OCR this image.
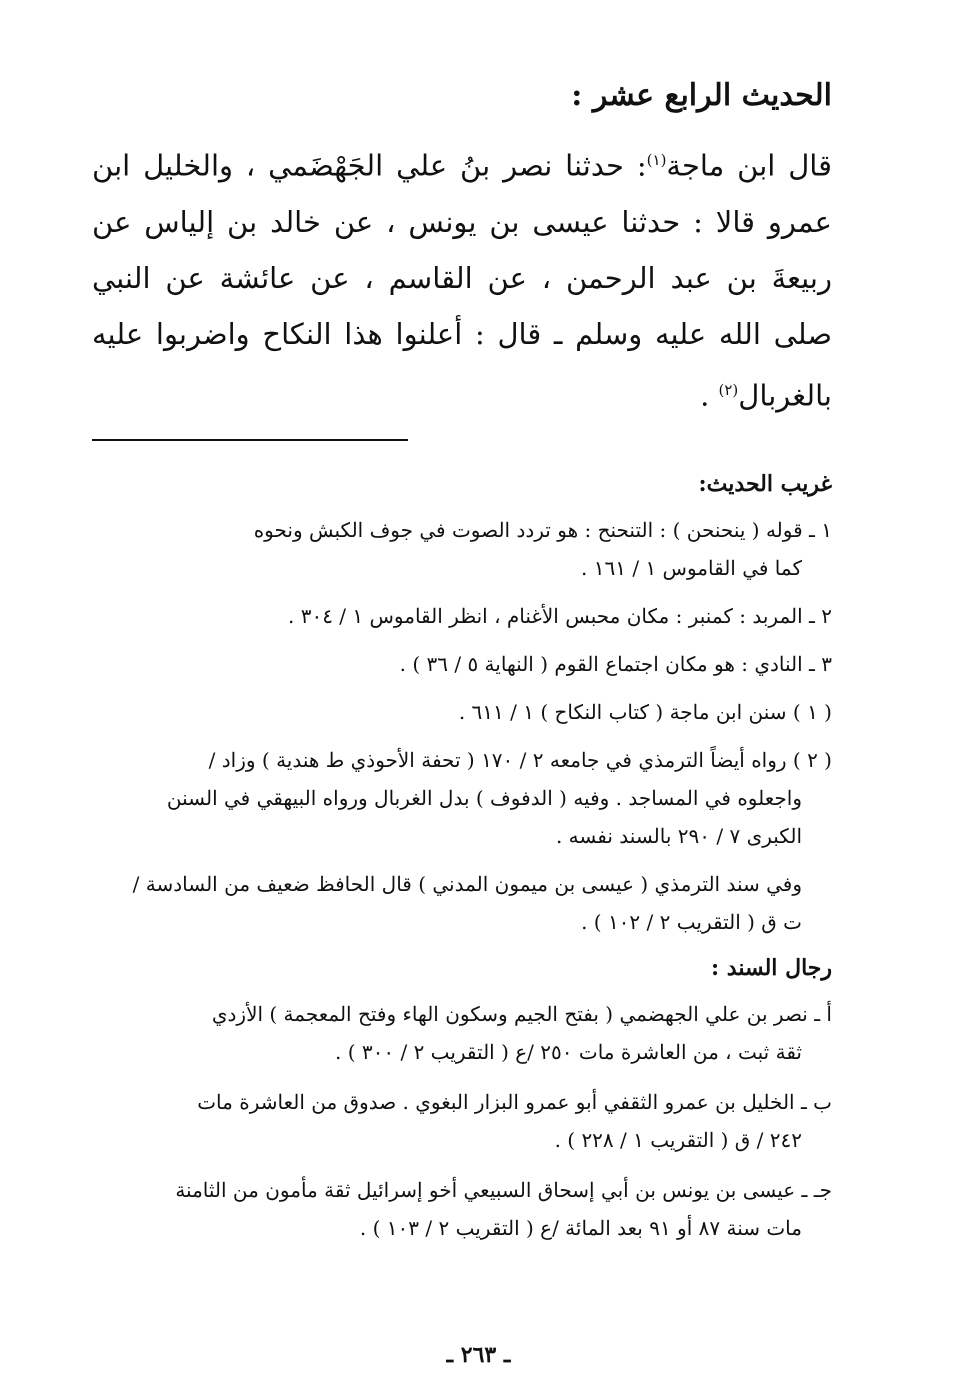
الحديث الرابع عشر :

قال ابن ماجة$^{(١)}$: حدثنا نصر بنُ علي الجَهْضَمي ، والخليل ابن عمرو قالا : حدثنا عيسى بن يونس ، عن خالد بن إلياس عن ربيعةَ بن عبد الرحمن ، عن القاسم ، عن عائشة عن النبي صلى الله عليه وسلم ـ قال : أعلنوا هذا النكاح واضربوا عليه بالغربال$^{(٢)}$ .

غريب الحديث:
١ ـ قوله ( ينحنحن ) : التنحنح : هو تردد الصوت في جوف الكبش ونحوه
كما في القاموس ١ / ١٦١ .
٢ ـ المربد : كمنبر : مكان محبس الأغنام ، انظر القاموس ١ / ٣٠٤ .
٣ ـ النادي : هو مكان اجتماع القوم ( النهاية ٥ / ٣٦ ) .
( ١ ) سنن ابن ماجة ( كتاب النكاح ) ١ / ٦١١ .
( ٢ ) رواه أيضاً الترمذي في جامعه ٢ / ١٧٠ ( تحفة الأحوذي ط هندية ) وزاد /
واجعلوه في المساجد . وفيه ( الدفوف ) بدل الغربال ورواه البيهقي في السنن
الكبرى ٧ / ٢٩٠ بالسند نفسه .
وفي سند الترمذي ( عيسى بن ميمون المدني ) قال الحافظ ضعيف من السادسة /
ت ق ( التقريب ٢ / ١٠٢ ) .
رجال السند :
أ ـ نصر بن علي الجهضمي ( بفتح الجيم وسكون الهاء وفتح المعجمة ) الأزدي
ثقة ثبت ، من العاشرة مات ٢٥٠ /ع ( التقريب ٢ / ٣٠٠ ) .
ب ـ الخليل بن عمرو الثقفي أبو عمرو البزار البغوي . صدوق من العاشرة مات
٢٤٢ / ق ( التقريب ١ / ٢٢٨ ) .
جـ ـ عيسى بن يونس بن أبي إسحاق السبيعي أخو إسرائيل ثقة مأمون من الثامنة
مات سنة ٨٧ أو ٩١ بعد المائة /ع ( التقريب ٢ / ١٠٣ ) .
ـ ٢٦٣ ـ
